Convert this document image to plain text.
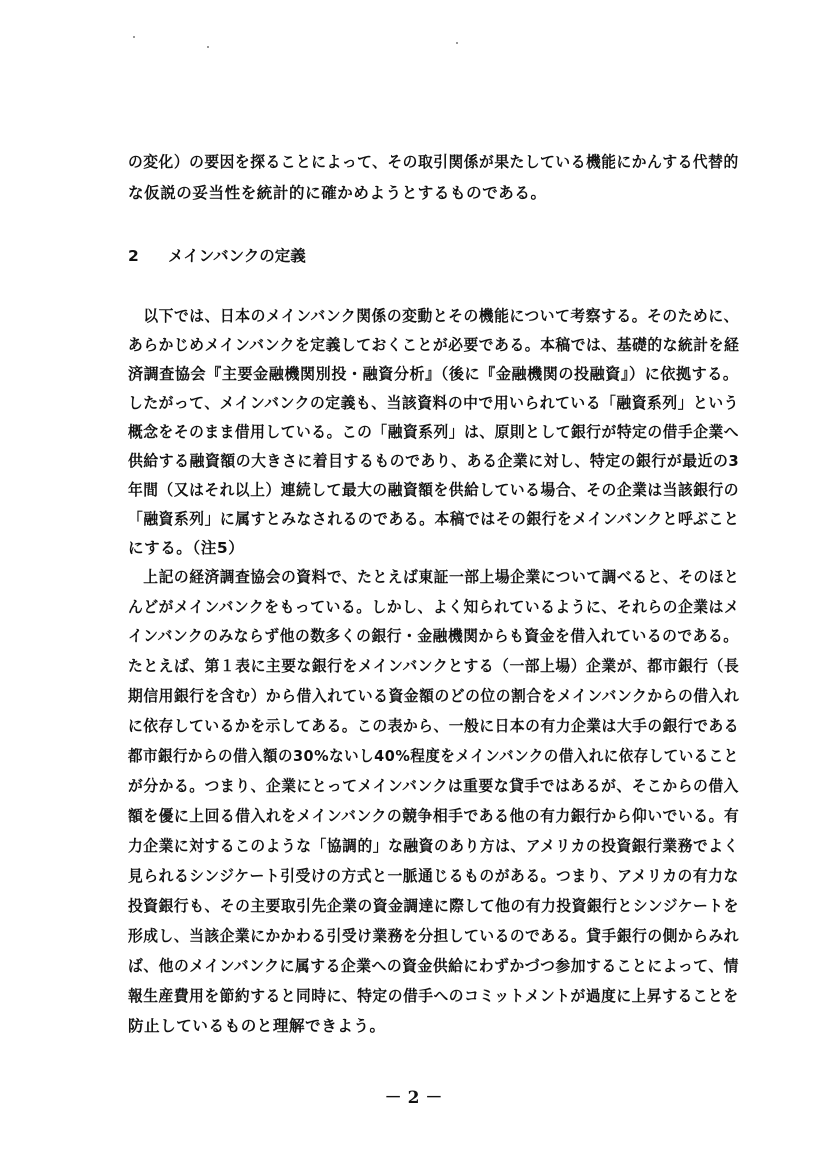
の変化）の要因を探ることによって、その取引関係が果たしている機能にかんする代替的
な仮説の妥当性を統計的に確かめようとするものである。
2 メインバンクの定義
　以下では、日本のメインバンク関係の変動とその機能について考察する。そのために、
あらかじめメインバンクを定義しておくことが必要である。本稿では、基礎的な統計を経
済調査協会『主要金融機関別投・融資分析』（後に『金融機関の投融資』）に依拠する。
したがって、メインバンクの定義も、当該資料の中で用いられている「融資系列」という
概念をそのまま借用している。この「融資系列」は、原則として銀行が特定の借手企業へ
供給する融資額の大きさに着目するものであり、ある企業に対し、特定の銀行が最近の3
年間（又はそれ以上）連続して最大の融資額を供給している場合、その企業は当該銀行の
「融資系列」に属すとみなされるのである。本稿ではその銀行をメインバンクと呼ぶこと
にする。（注5）
　上記の経済調査協会の資料で、たとえば東証一部上場企業について調べると、そのほと
んどがメインバンクをもっている。しかし、よく知られているように、それらの企業はメ
インバンクのみならず他の数多くの銀行・金融機関からも資金を借入れているのである。
たとえば、第１表に主要な銀行をメインバンクとする（一部上場）企業が、都市銀行（長
期信用銀行を含む）から借入れている資金額のどの位の割合をメインバンクからの借入れ
に依存しているかを示してある。この表から、一般に日本の有力企業は大手の銀行である
都市銀行からの借入額の30%ないし40%程度をメインバンクの借入れに依存していること
が分かる。つまり、企業にとってメインバンクは重要な貸手ではあるが、そこからの借入
額を優に上回る借入れをメインバンクの競争相手である他の有力銀行から仰いでいる。有
力企業に対するこのような「協調的」な融資のあり方は、アメリカの投資銀行業務でよく
見られるシンジケート引受けの方式と一脈通じるものがある。つまり、アメリカの有力な
投資銀行も、その主要取引先企業の資金調達に際して他の有力投資銀行とシンジケートを
形成し、当該企業にかかわる引受け業務を分担しているのである。貸手銀行の側からみれ
ば、他のメインバンクに属する企業への資金供給にわずかづつ参加することによって、情
報生産費用を節約すると同時に、特定の借手へのコミットメントが過度に上昇することを
防止しているものと理解できよう。
－ 2 －
